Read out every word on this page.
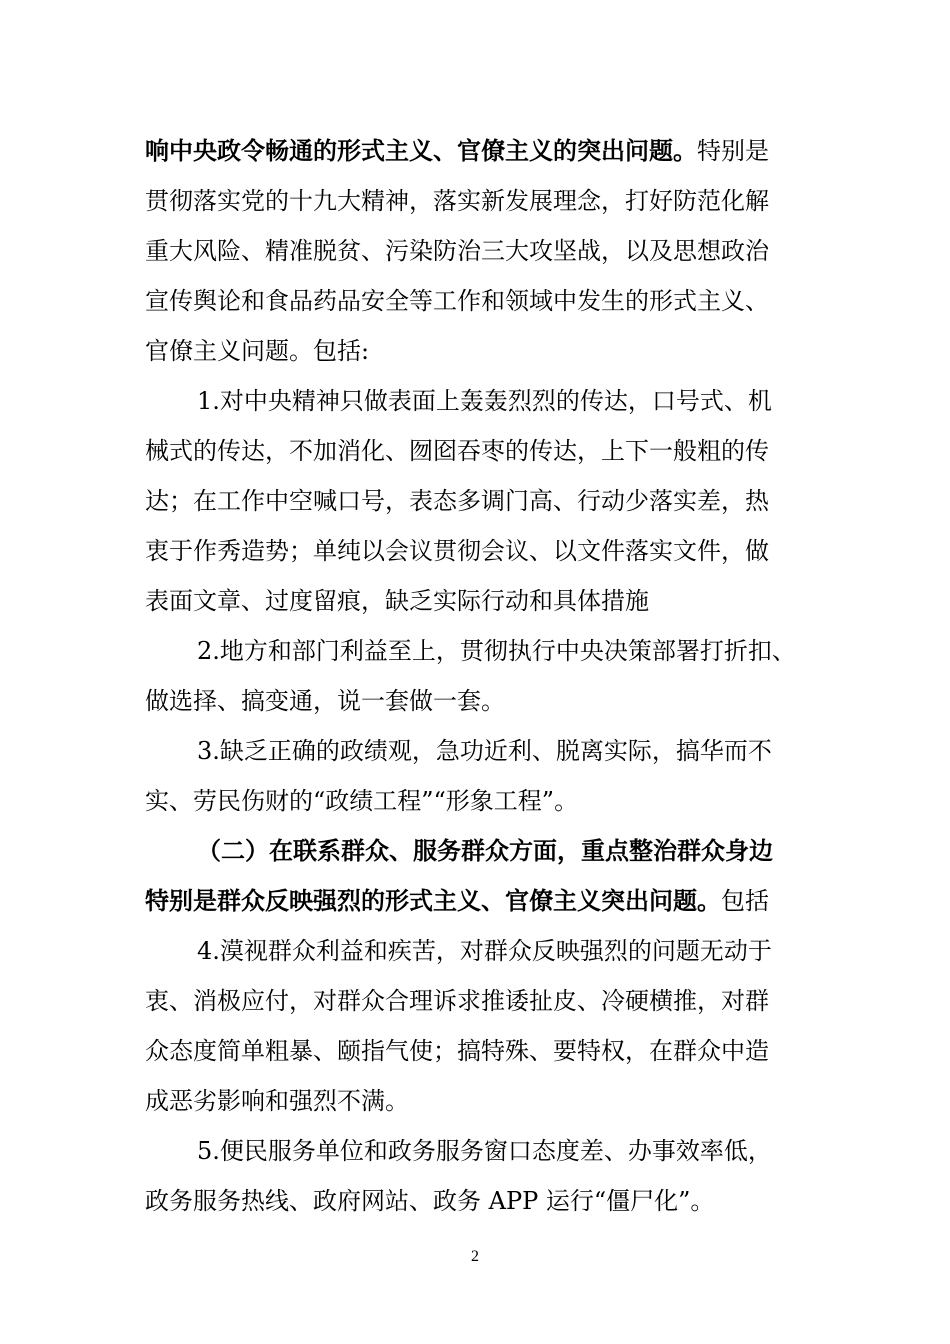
响中央政令畅通的形式主义、官僚主义的突出问题。特别是
贯彻落实党的十九大精神，落实新发展理念，打好防范化解
重大风险、精准脱贫、污染防治三大攻坚战，以及思想政治
宣传舆论和食品药品安全等工作和领域中发生的形式主义、
官僚主义问题。包括:
1.对中央精神只做表面上轰轰烈烈的传达，口号式、机
械式的传达，不加消化、囫囵吞枣的传达，上下一般粗的传
达；在工作中空喊口号，表态多调门高、行动少落实差，热
衷于作秀造势；单纯以会议贯彻会议、以文件落实文件，做
表面文章、过度留痕，缺乏实际行动和具体措施
2.地方和部门利益至上，贯彻执行中央决策部署打折扣、
做选择、搞变通，说一套做一套。
3.缺乏正确的政绩观，急功近利、脱离实际，搞华而不
实、劳民伤财的“政绩工程”“形象工程”。
（二）在联系群众、服务群众方面，重点整治群众身边
特别是群众反映强烈的形式主义、官僚主义突出问题。包括
4.漠视群众利益和疾苦，对群众反映强烈的问题无动于
衷、消极应付，对群众合理诉求推诿扯皮、冷硬横推，对群
众态度简单粗暴、颐指气使；搞特殊、要特权，在群众中造
成恶劣影响和强烈不满。
5.便民服务单位和政务服务窗口态度差、办事效率低，
政务服务热线、政府网站、政务 APP 运行“僵尸化”。
2
